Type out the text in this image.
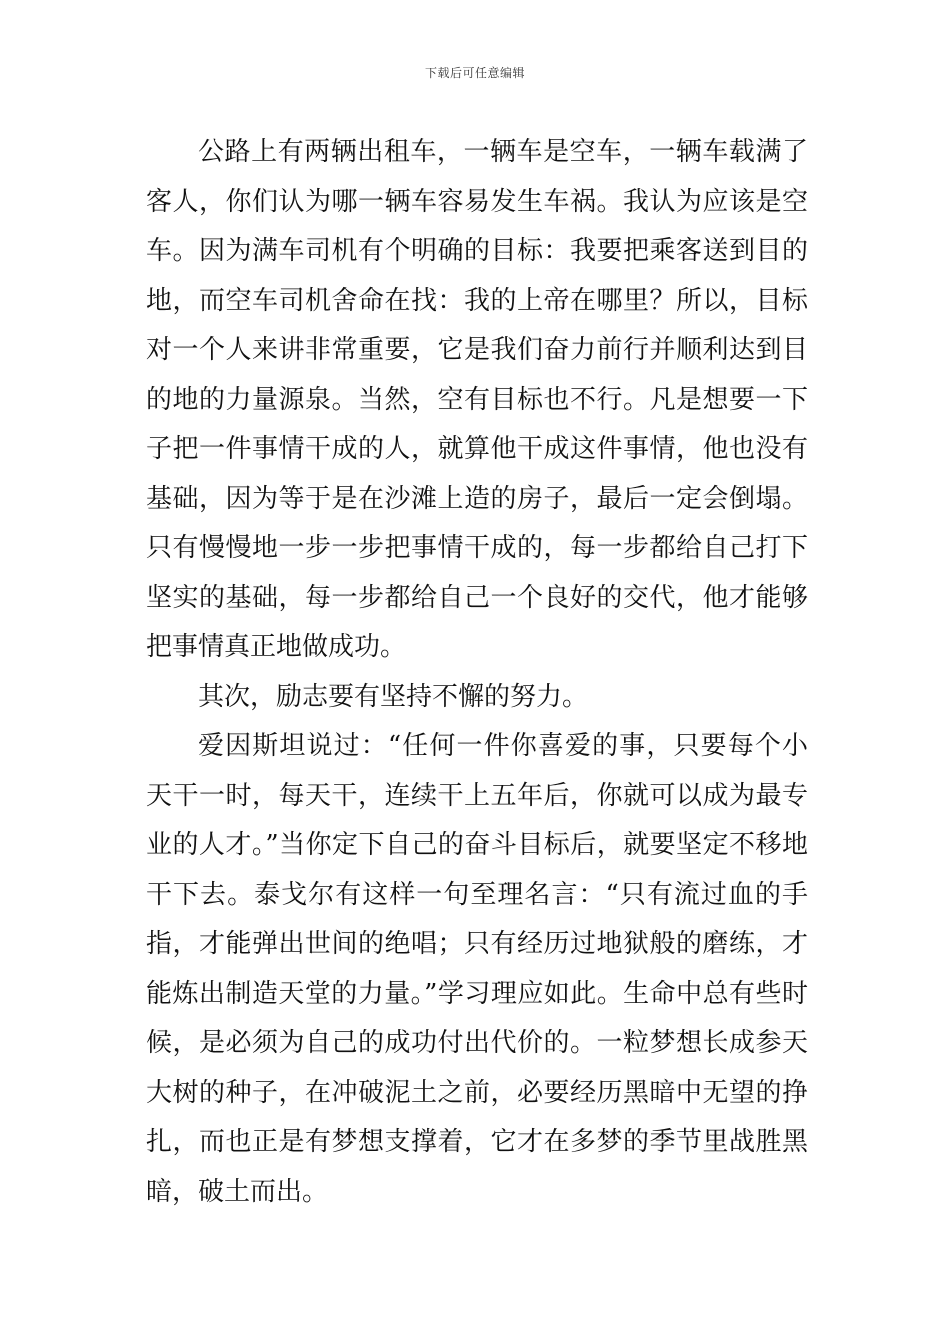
下载后可任意编辑

公路上有两辆出租车，一辆车是空车，一辆车载满了客人，你们认为哪一辆车容易发生车祸。我认为应该是空车。因为满车司机有个明确的目标：我要把乘客送到目的地，而空车司机舍命在找：我的上帝在哪里？所以，目标对一个人来讲非常重要，它是我们奋力前行并顺利达到目的地的力量源泉。当然，空有目标也不行。凡是想要一下子把一件事情干成的人，就算他干成这件事情，他也没有基础，因为等于是在沙滩上造的房子，最后一定会倒塌。只有慢慢地一步一步把事情干成的，每一步都给自己打下坚实的基础，每一步都给自己一个良好的交代，他才能够把事情真正地做成功。

其次，励志要有坚持不懈的努力。

爱因斯坦说过：“任何一件你喜爱的事，只要每个小天干一时，每天干，连续干上五年后，你就可以成为最专业的人才。”当你定下自己的奋斗目标后，就要坚定不移地干下去。泰戈尔有这样一句至理名言：“只有流过血的手指，才能弹出世间的绝唱；只有经历过地狱般的磨练，才能炼出制造天堂的力量。”学习理应如此。生命中总有些时候，是必须为自己的成功付出代价的。一粒梦想长成参天大树的种子，在冲破泥土之前，必要经历黑暗中无望的挣扎，而也正是有梦想支撑着，它才在多梦的季节里战胜黑暗，破土而出。
